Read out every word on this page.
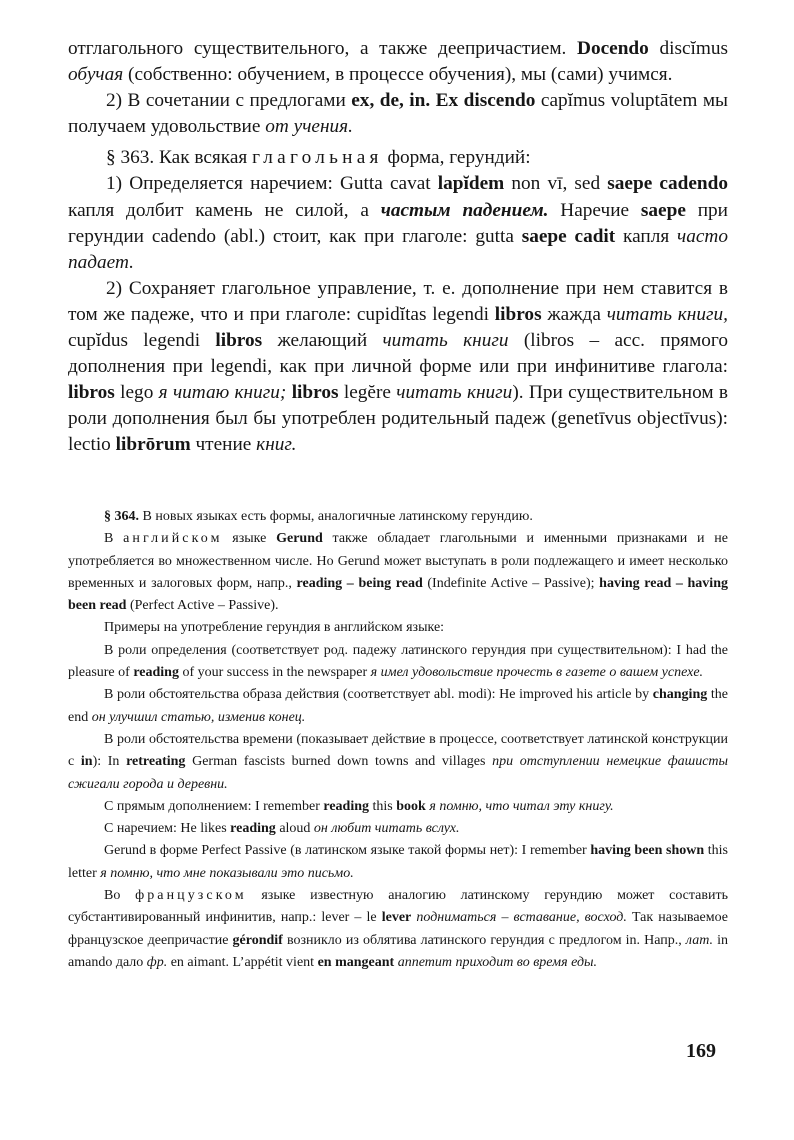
отглагольного существительного, а также деепричастием. Docendo discĭmus обучая (собственно: обучением, в процессе обучения), мы (сами) учимся.

2) В сочетании с предлогами ex, de, in. Ex discendo capĭmus voluptātem мы получаем удовольствие от учения.

§ 363. Как всякая глагольная форма, герундий:

1) Определяется наречием: Gutta cavat lapĭdem non vī, sed saepe cadendo капля долбит камень не силой, а частым падением. Наречие saepe при герундии cadendo (abl.) стоит, как при глаголе: gutta saepe cadit капля часто падает.

2) Сохраняет глагольное управление, т. е. дополнение при нем ставится в том же падеже, что и при глаголе: cupidĭtas legendi libros жажда читать книги, cupĭdus legendi libros желающий читать книги (libros – acc. прямого дополнения при legendi, как при личной форме или при инфинитиве глагола: libros lego я читаю книги; libros legĕre читать книги). При существительном в роли дополнения был бы употреблен родительный падеж (genetīvus objectīvus): lectio librōrum чтение книг.

§ 364. В новых языках есть формы, аналогичные латинскому герундию.

В английском языке Gerund также обладает глагольными и именными признаками и не употребляется во множественном числе. Но Gerund может выступать в роли подлежащего и имеет несколько временных и залоговых форм, напр., reading – being read (Indefinite Active – Passive); having read – having been read (Perfect Active – Passive).

Примеры на употребление герундия в английском языке:

В роли определения (соответствует род. падежу латинского герундия при существительном): I had the pleasure of reading of your success in the newspaper я имел удовольствие прочесть в газете о вашем успехе.

В роли обстоятельства образа действия (соответствует abl. modi): He improved his article by changing the end он улучшил статью, изменив конец.

В роли обстоятельства времени (показывает действие в процессе, соответствует латинской конструкции с in): In retreating German fascists burned down towns and villages при отступлении немецкие фашисты сжигали города и деревни.

С прямым дополнением: I remember reading this book я помню, что читал эту книгу.

С наречием: He likes reading aloud он любит читать вслух.

Gerund в форме Perfect Passive (в латинском языке такой формы нет): I remember having been shown this letter я помню, что мне показывали это письмо.

Во французском языке известную аналогию латинскому герундию может составить субстантивированный инфинитив, напр.: lever – le lever подниматься – вставание, восход. Так называемое французское деепричастие gérondif возникло из облятива латинского герундия с предлогом in. Напр., лат. in amando дало фр. en aimant. L’appétit vient en mangeant аппетит приходит во время еды.

169
